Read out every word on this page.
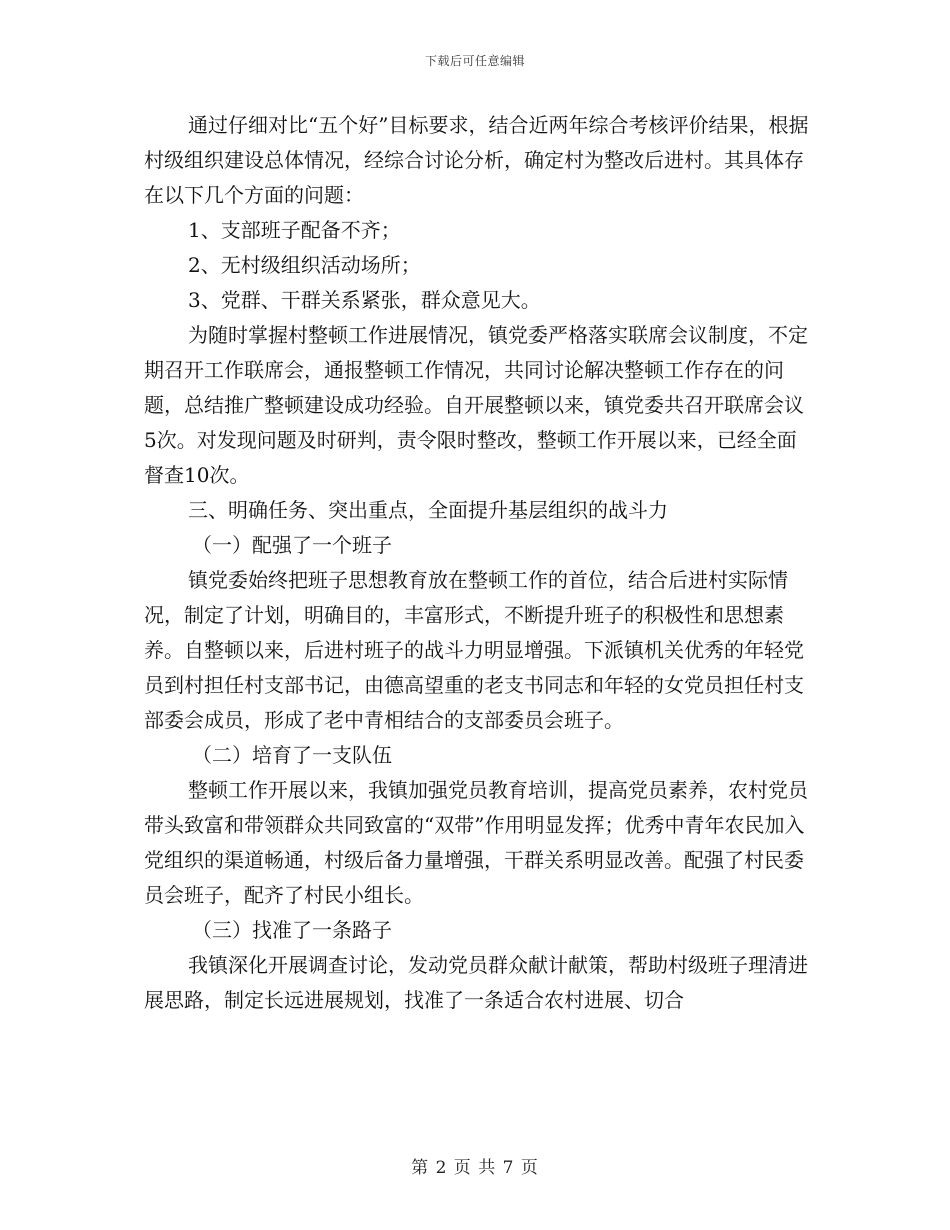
下载后可任意编辑

通过仔细对比“五个好”目标要求，结合近两年综合考核评价结果，根据村级组织建设总体情况，经综合讨论分析，确定村为整改后进村。其具体存在以下几个方面的问题：

1、支部班子配备不齐；

2、无村级组织活动场所；

3、党群、干群关系紧张，群众意见大。

为随时掌握村整顿工作进展情况，镇党委严格落实联席会议制度，不定期召开工作联席会，通报整顿工作情况，共同讨论解决整顿工作存在的问题，总结推广整顿建设成功经验。自开展整顿以来，镇党委共召开联席会议5次。对发现问题及时研判，责令限时整改，整顿工作开展以来，已经全面督查10次。

三、明确任务、突出重点，全面提升基层组织的战斗力

（一）配强了一个班子

镇党委始终把班子思想教育放在整顿工作的首位，结合后进村实际情况，制定了计划，明确目的，丰富形式，不断提升班子的积极性和思想素养。自整顿以来，后进村班子的战斗力明显增强。下派镇机关优秀的年轻党员到村担任村支部书记，由德高望重的老支书同志和年轻的女党员担任村支部委会成员，形成了老中青相结合的支部委员会班子。

（二）培育了一支队伍

整顿工作开展以来，我镇加强党员教育培训，提高党员素养，农村党员带头致富和带领群众共同致富的“双带”作用明显发挥；优秀中青年农民加入党组织的渠道畅通，村级后备力量增强，干群关系明显改善。配强了村民委员会班子，配齐了村民小组长。

（三）找准了一条路子

我镇深化开展调查讨论，发动党员群众献计献策，帮助村级班子理清进展思路，制定长远进展规划，找准了一条适合农村进展、切合

第 2 页 共 7 页
